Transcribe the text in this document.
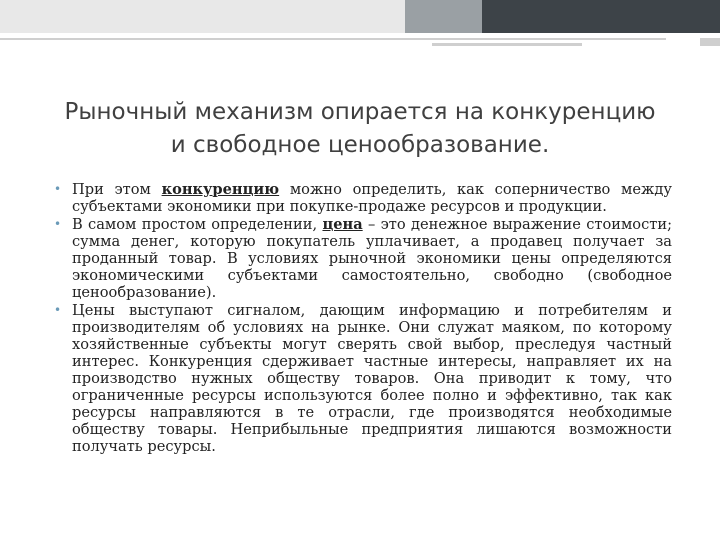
Рыночный механизм опирается на конкуренцию
и свободное ценообразование.
• При этом конкуренцию можно определить, как соперничество между субъектами экономики при покупке-продаже ресурсов и продукции.
• В самом простом определении, цена – это денежное выражение стоимости; сумма денег, которую покупатель уплачивает, а продавец получает за проданный товар. В условиях рыночной экономики цены определяются экономическими субъектами самостоятельно, свободно (свободное ценообразование).
• Цены выступают сигналом, дающим информацию и потребителям и производителям об условиях на рынке. Они служат маяком, по которому хозяйственные субъекты могут сверять свой выбор, преследуя частный интерес. Конкуренция сдерживает частные интересы, направляет их на производство нужных обществу товаров. Она приводит к тому, что ограниченные ресурсы используются более полно и эффективно, так как ресурсы направляются в те отрасли, где производятся необходимые обществу товары. Неприбыльные предприятия лишаются возможности получать ресурсы.
